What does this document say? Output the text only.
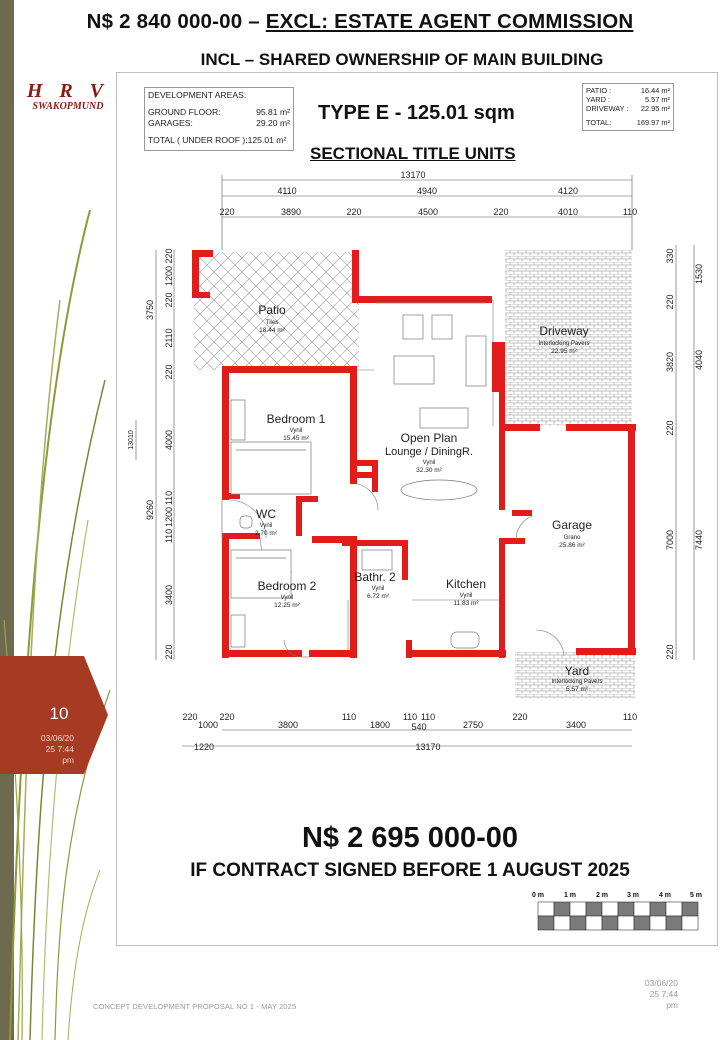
N$ 2 840 000-00 – EXCL: ESTATE AGENT COMMISSION
INCL – SHARED OWNERSHIP OF MAIN BUILDING
H R V
SWAKOPMUND
DEVELOPMENT AREAS:
GROUND FLOOR:	95.81 m²
GARAGES:	29.20 m²
TOTAL ( UNDER ROOF ):125.01 m²
PATIO :	16.44 m²
YARD :	5.57 m²
DRIVEWAY : 22.95 m²
TOTAL:	169.97 m²
TYPE E - 125.01 sqm
SECTIONAL TITLE UNITS
13170
4110	4940	4120
220	3890	220	4500	220	4010	110
220
1000
220
3800
110
1800
110 110
540	2750
220
3400
110
1220	13170
3750
9260
13010
220
1200
220
2110
220
4000
110
1200
110
3400
220
330
220
3820
220
7000
220
1530
4040
7440
Patio
Tiles
18.44 m²	Driveway
Interlocking Pavers
22.95 m²
Bedroom 1
Vynil
15.45 m²	Open Plan
Lounge / DiningR.
Vynil
32.30 m²
WC
Vynil
2.70 m²
Garage
Grano
25.86 m²
Bedroom 2
Vynil
12.25 m²
Bathr. 2
Vynil
6.72 m²
Kitchen
Vynil
11.83 m²
Yard
Interlocking Pavers
5.57 m²
10
03/06/20
25 7:44
pm
N$ 2 695 000-00
IF CONTRACT SIGNED BEFORE 1 AUGUST 2025
0 m	1 m	2 m	3 m	4 m	5 m
03/06/20
25 7:44
pm
CONCEPT DEVELOPMENT PROPOSAL NO 1 - MAY 2025
